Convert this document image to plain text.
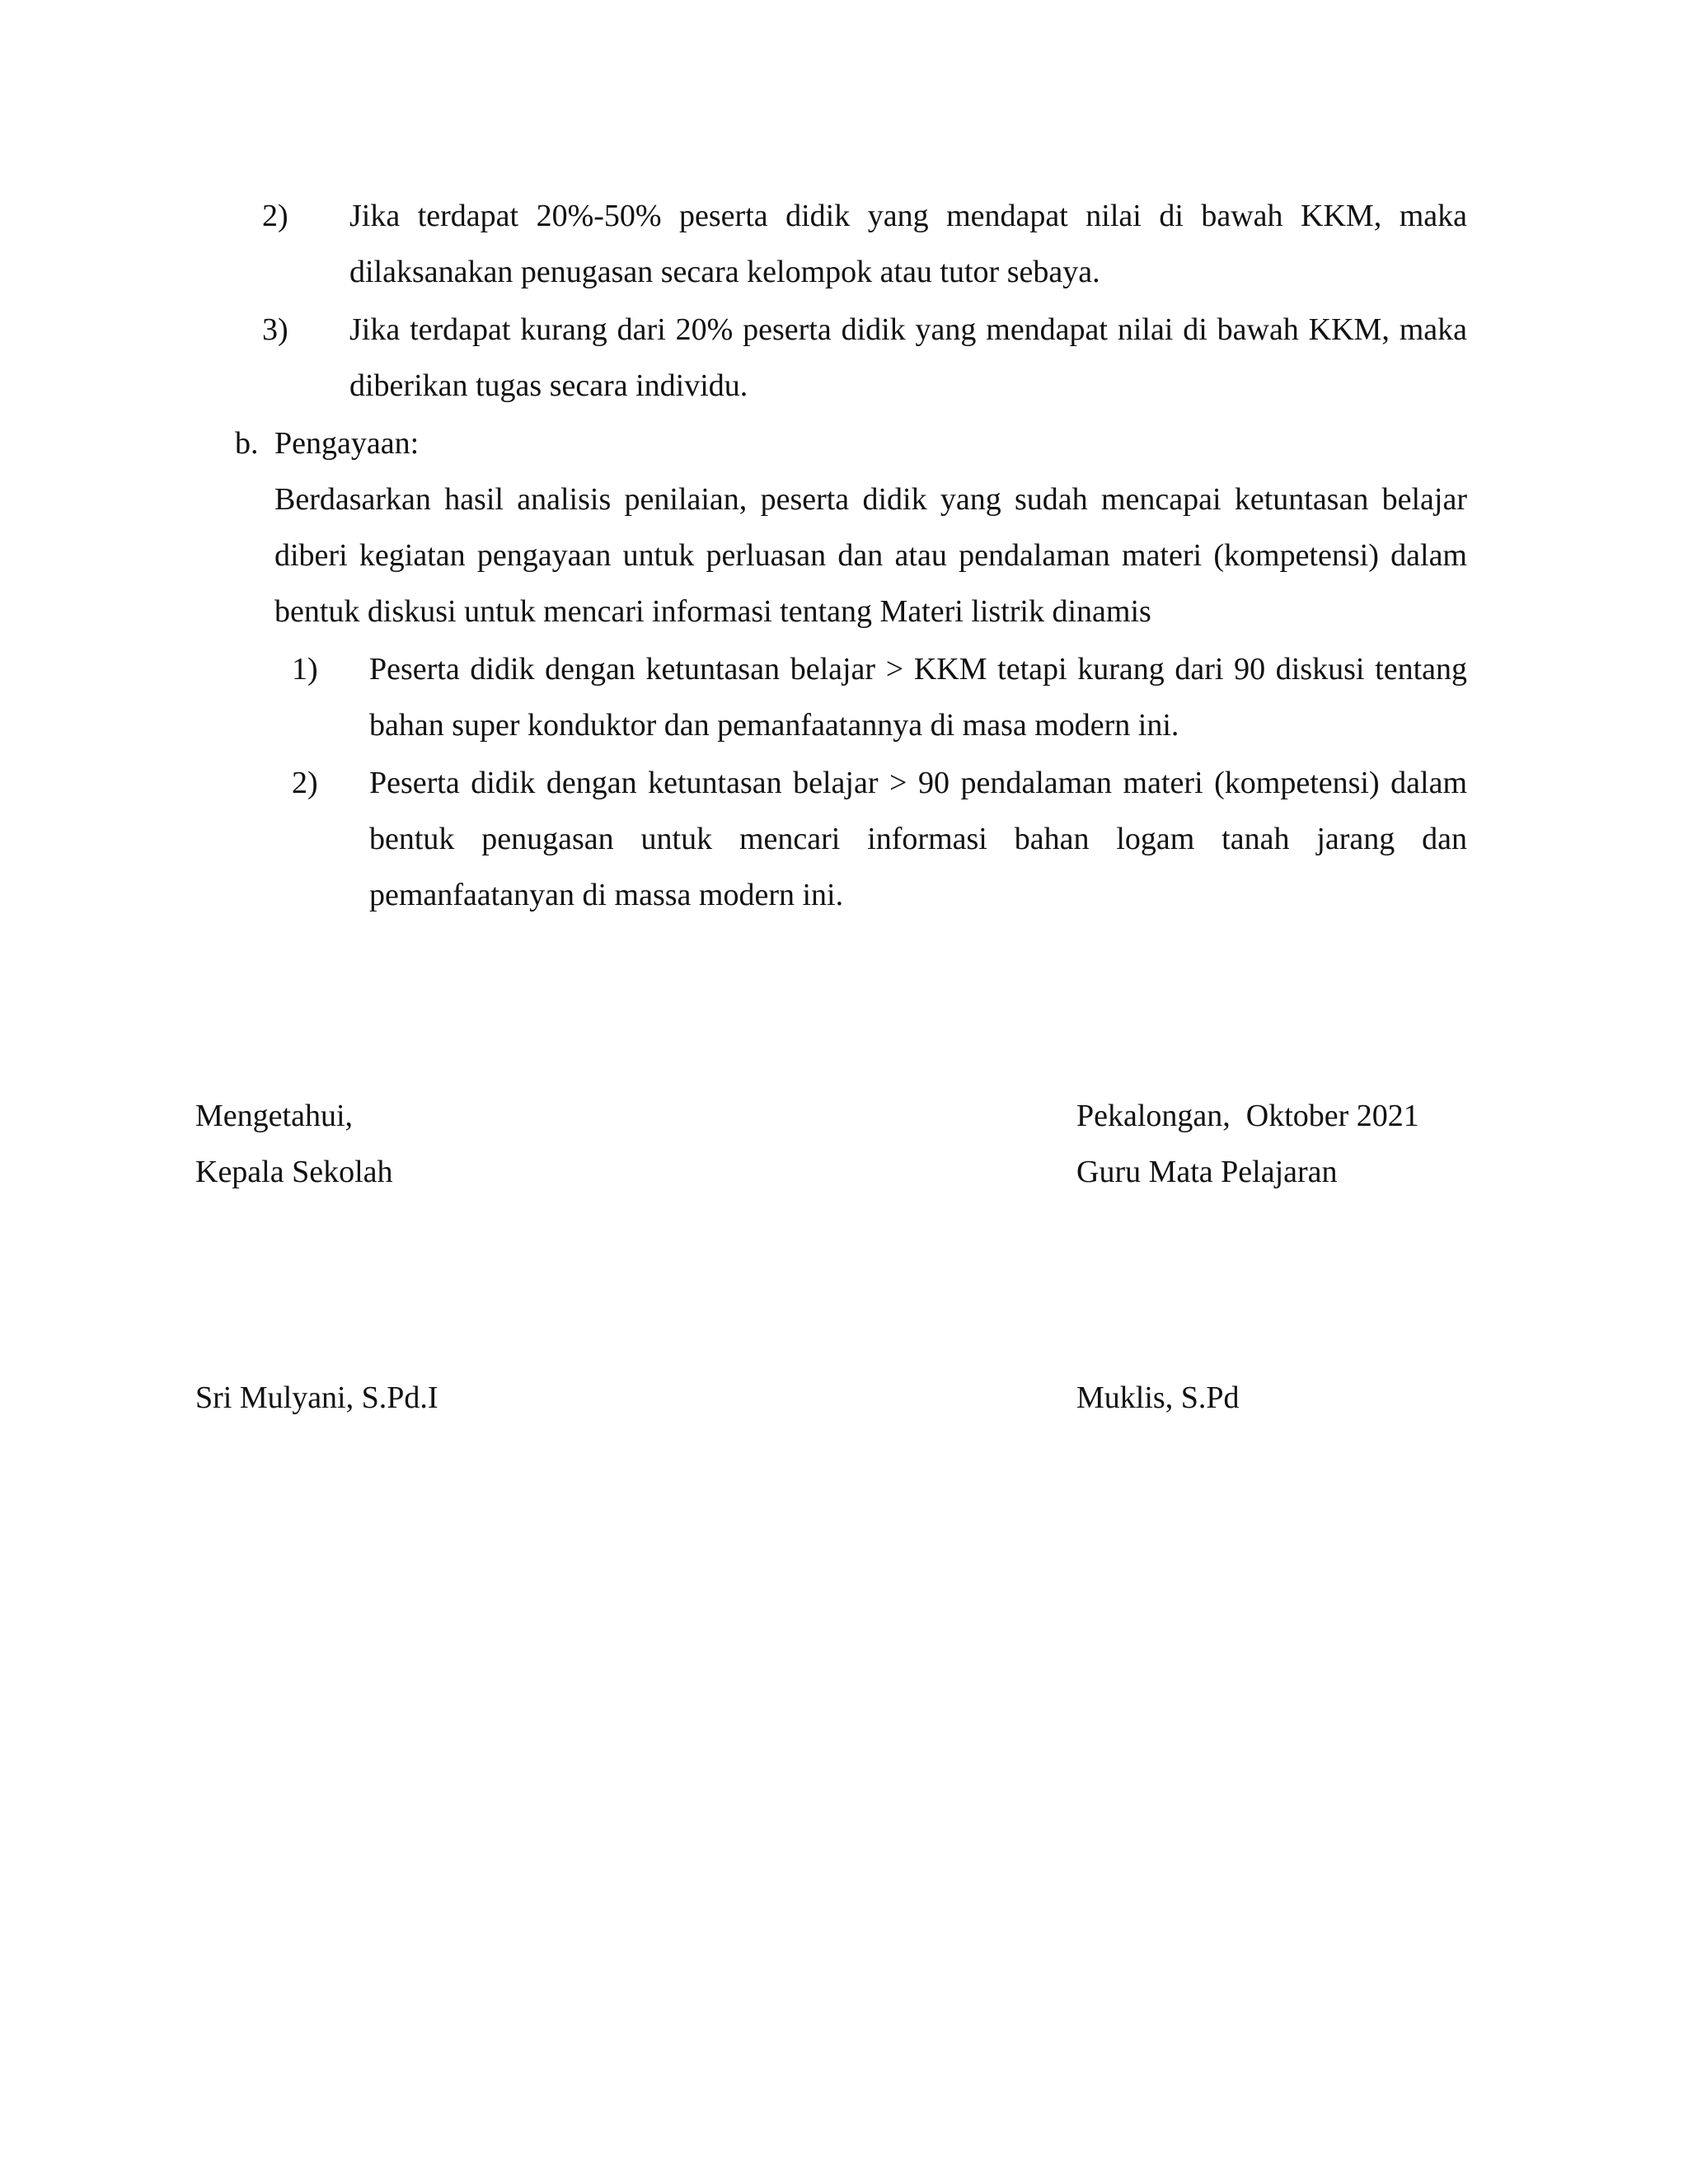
2) Jika terdapat 20%-50% peserta didik yang mendapat nilai di bawah KKM, maka
dilaksanakan penugasan secara kelompok atau tutor sebaya.
3) Jika terdapat kurang dari 20% peserta didik yang mendapat nilai di bawah KKM, maka
diberikan tugas secara individu.
b. Pengayaan:
Berdasarkan hasil analisis penilaian, peserta didik yang sudah mencapai ketuntasan belajar
diberi kegiatan pengayaan untuk perluasan dan atau pendalaman materi (kompetensi) dalam
bentuk diskusi untuk mencari informasi tentang Materi listrik dinamis
1) Peserta didik dengan ketuntasan belajar > KKM tetapi kurang dari 90 diskusi tentang
bahan super konduktor dan pemanfaatannya di masa modern ini.
2) Peserta didik dengan ketuntasan belajar > 90 pendalaman materi (kompetensi) dalam
bentuk penugasan untuk mencari informasi bahan logam tanah jarang dan
pemanfaatanyan di massa modern ini.
Mengetahui,
Kepala Sekolah
Sri Mulyani, S.Pd.I
Pekalongan,  Oktober 2021
Guru Mata Pelajaran
Muklis, S.Pd
